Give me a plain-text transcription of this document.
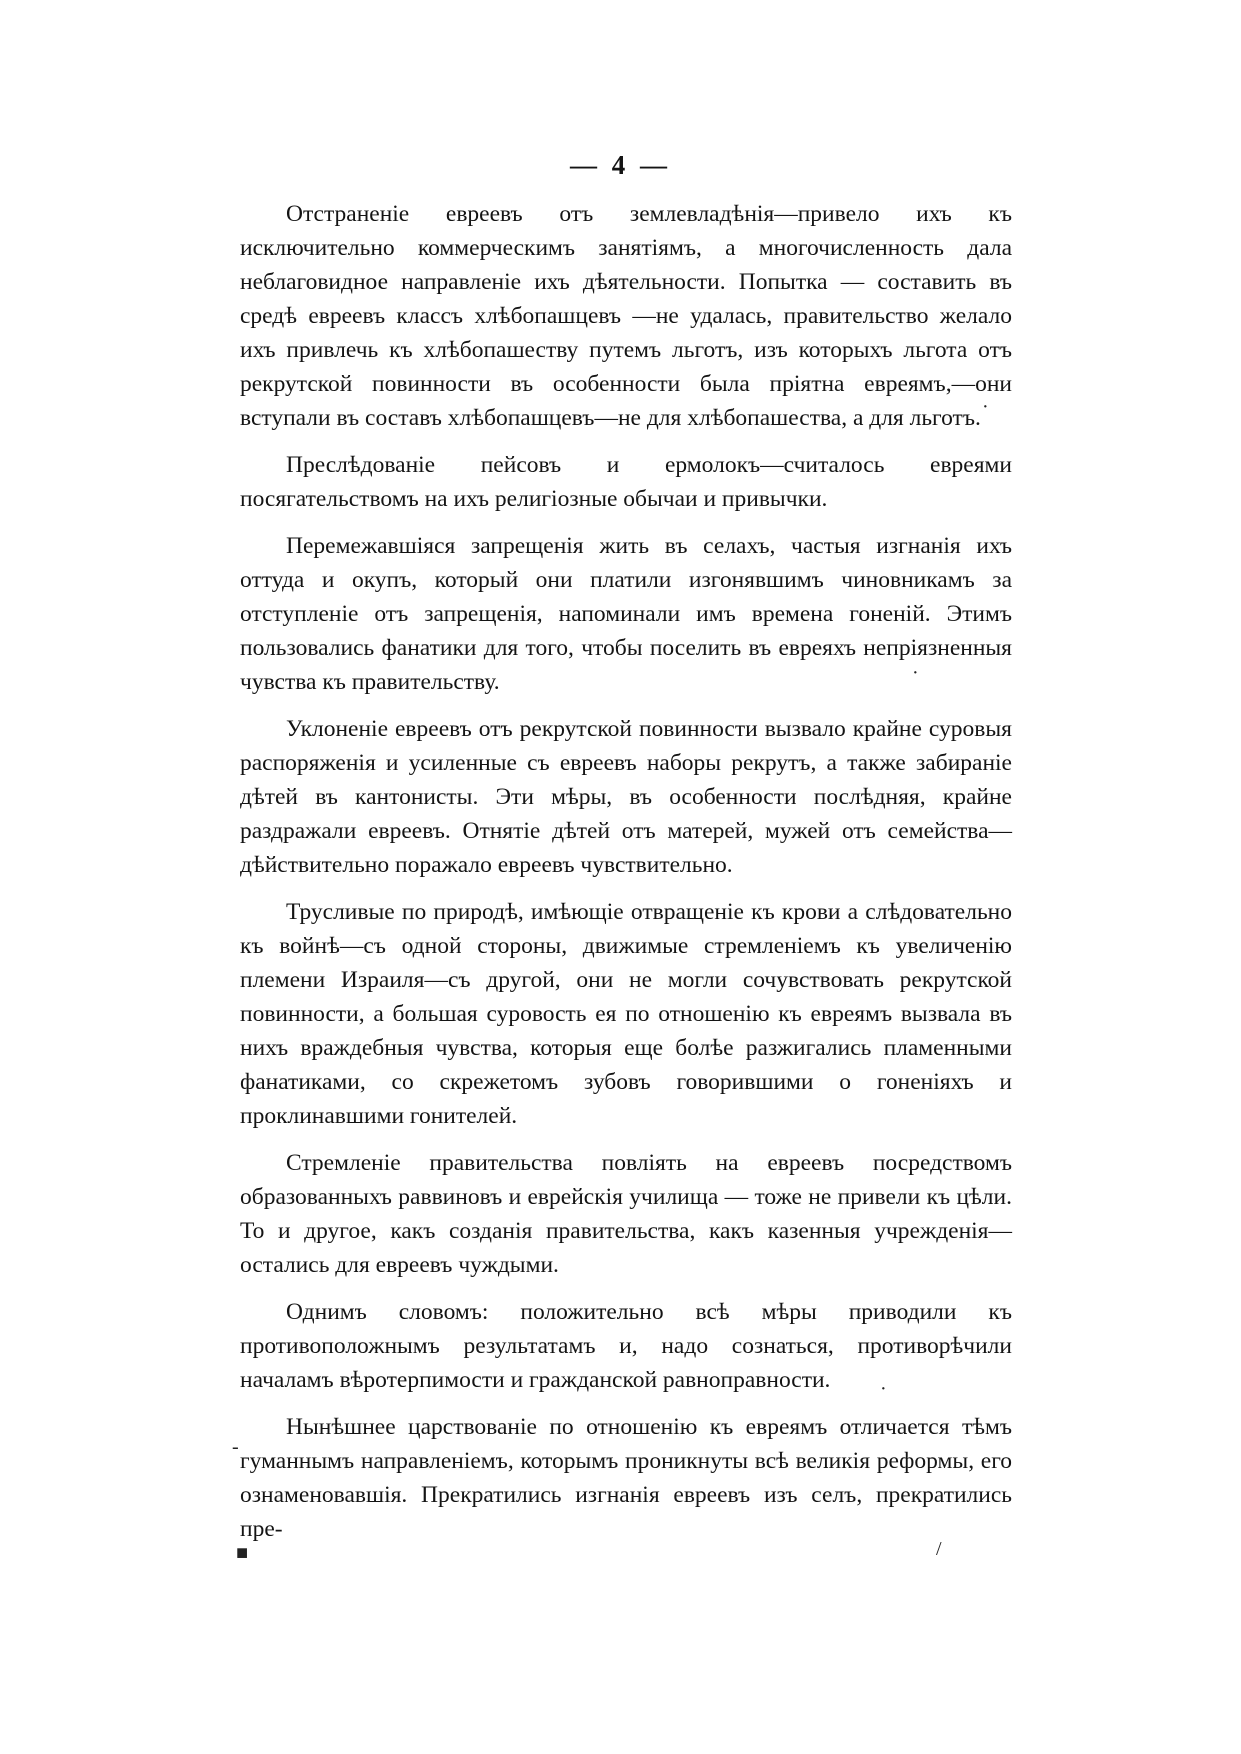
— 4 —

Отстраненіе евреевъ отъ землевладѣнія—привело ихъ къ исключительно коммерческимъ занятіямъ, а многочисленность дала неблаговидное направленіе ихъ дѣятельности. Попытка — составить въ средѣ евреевъ классъ хлѣбопашцевъ —не удалась, правительство желало ихъ привлечь къ хлѣбопашеству путемъ льготъ, изъ которыхъ льгота отъ рекрутской повинности въ особенности была пріятна евреямъ,—они вступали въ составъ хлѣбопашцевъ—не для хлѣбопашества, а для льготъ.

Преслѣдованіе пейсовъ и ермолокъ—считалось евреями посягательствомъ на ихъ религіозные обычаи и привычки.

Перемежавшіяся запрещенія жить въ селахъ, частыя изгнанія ихъ оттуда и окупъ, который они платили изгонявшимъ чиновникамъ за отступленіе отъ запрещенія, напоминали имъ времена гоненій. Этимъ пользовались фанатики для того, чтобы поселить въ евреяхъ непріязненныя чувства къ правительству.

Уклоненіе евреевъ отъ рекрутской повинности вызвало крайне суровыя распоряженія и усиленные съ евреевъ наборы рекрутъ, а также забираніе дѣтей въ кантонисты. Эти мѣры, въ особенности послѣдняя, крайне раздражали евреевъ. Отнятіе дѣтей отъ матерей, мужей отъ семейства—дѣйствительно поражало евреевъ чувствительно.

Трусливые по природѣ, имѣющіе отвращеніе къ крови а слѣдовательно къ войнѣ—съ одной стороны, движимые стремленіемъ къ увеличенію племени Израиля—съ другой, они не могли сочувствовать рекрутской повинности, а большая суровость ея по отношенію къ евреямъ вызвала въ нихъ враждебныя чувства, которыя еще болѣе разжигались пламенными фанатиками, со скрежетомъ зубовъ говорившими о гоненіяхъ и проклинавшими гонителей.

Стремленіе правительства повліять на евреевъ посредствомъ образованныхъ раввиновъ и еврейскія училища — тоже не привели къ цѣли. То и другое, какъ созданія правительства, какъ казенныя учрежденія—остались для евреевъ чуждыми.

Однимъ словомъ: положительно всѣ мѣры приводили къ противоположнымъ результатамъ и, надо сознаться, противорѣчили началамъ вѣротерпимости и гражданской равноправности.

Нынѣшнее царствованіе по отношенію къ евреямъ отличается тѣмъ гуманнымъ направленіемъ, которымъ проникнуты всѣ великія реформы, его ознаменовавшія. Прекратились изгнанія евреевъ изъ селъ, прекратились пре-

·
·
·
-
■	/
